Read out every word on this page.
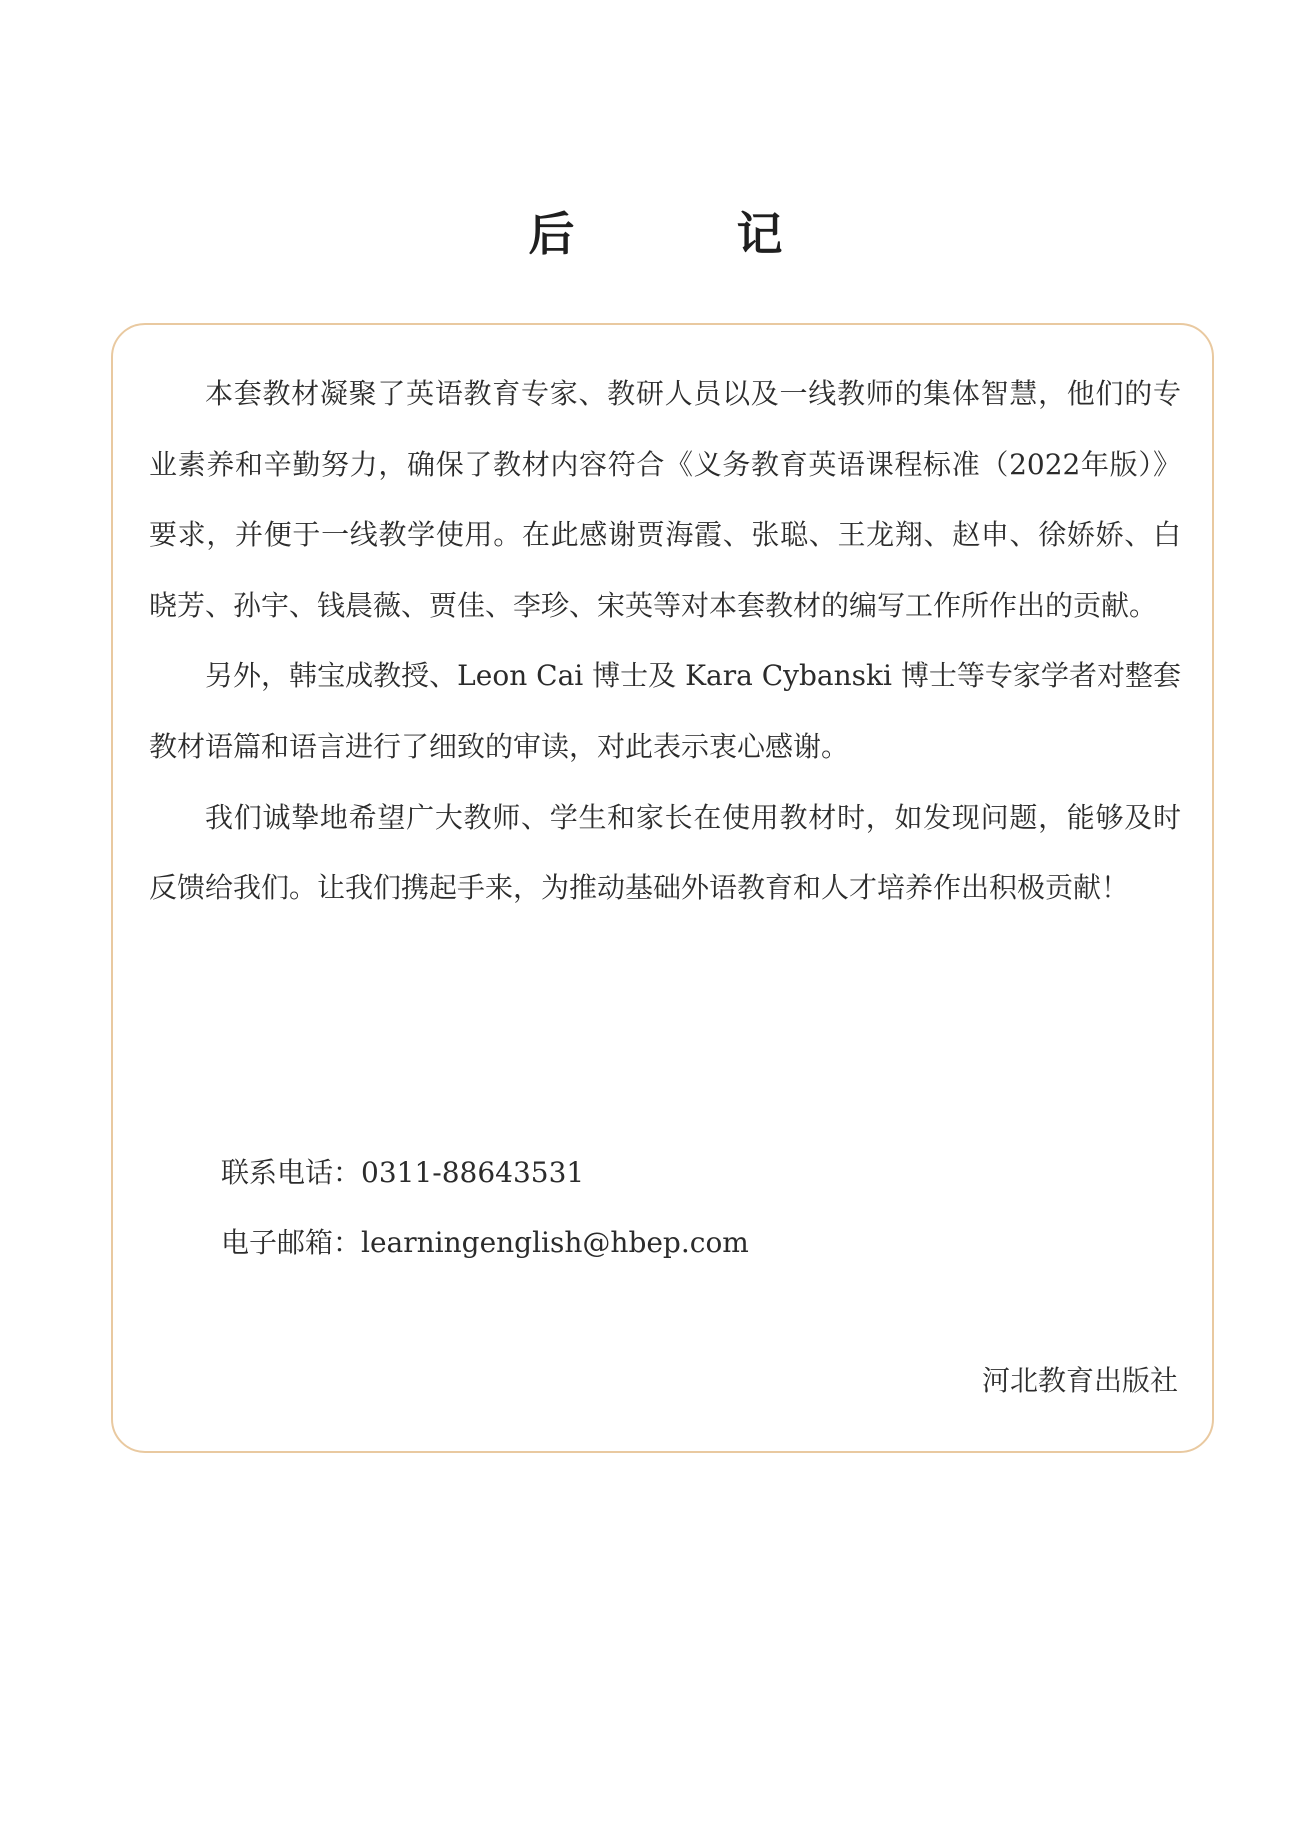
后　记

本套教材凝聚了英语教育专家、教研人员以及一线教师的集体智慧，他们的专业素养和辛勤努力，确保了教材内容符合《义务教育英语课程标准（2022年版）》要求，并便于一线教学使用。在此感谢贾海霞、张聪、王龙翔、赵申、徐娇娇、白晓芳、孙宇、钱晨薇、贾佳、李珍、宋英等对本套教材的编写工作所作出的贡献。

另外，韩宝成教授、Leon Cai 博士及 Kara Cybanski 博士等专家学者对整套教材语篇和语言进行了细致的审读，对此表示衷心感谢。

我们诚挚地希望广大教师、学生和家长在使用教材时，如发现问题，能够及时反馈给我们。让我们携起手来，为推动基础外语教育和人才培养作出积极贡献！

联系电话：0311-88643531
电子邮箱：learningenglish@hbep.com
河北教育出版社
